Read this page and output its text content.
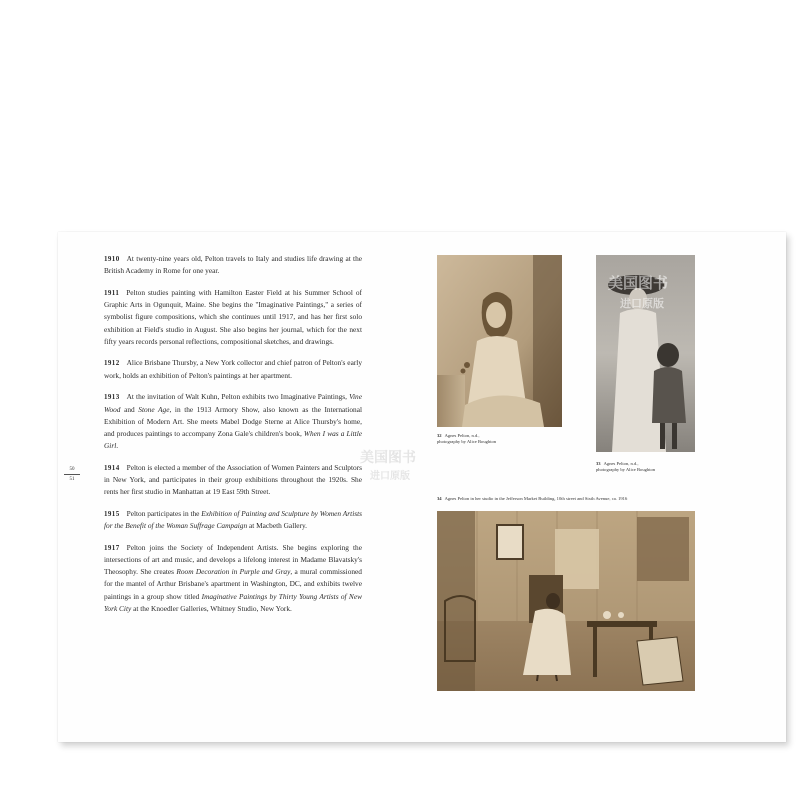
1910 At twenty-nine years old, Pelton travels to Italy and studies life drawing at the British Academy in Rome for one year.

1911 Pelton studies painting with Hamilton Easter Field at his Summer School of Graphic Arts in Ogunquit, Maine. She begins the "Imaginative Paintings," a series of symbolist figure compositions, which she continues until 1917, and has her first solo exhibition at Field's studio in August. She also begins her journal, which for the next fifty years records personal reflections, compositional sketches, and drawings.

1912 Alice Brisbane Thursby, a New York collector and chief patron of Pelton's early work, holds an exhibition of Pelton's paintings at her apartment.

1913 At the invitation of Walt Kuhn, Pelton exhibits two Imaginative Paintings, Vine Wood and Stone Age, in the 1913 Armory Show, also known as the International Exhibition of Modern Art. She meets Mabel Dodge Sterne at Alice Thursby's home, and produces paintings to accompany Zona Gale's children's book, When I was a Little Girl.

1914 Pelton is elected a member of the Association of Women Painters and Sculptors in New York, and participates in their group exhibitions throughout the 1920s. She rents her first studio in Manhattan at 19 East 59th Street.

1915 Pelton participates in the Exhibition of Painting and Sculpture by Women Artists for the Benefit of the Woman Suffrage Campaign at Macbeth Gallery.

1917 Pelton joins the Society of Independent Artists. She begins exploring the intersections of art and music, and develops a lifelong interest in Madame Blavatsky's Theosophy. She creates Room Decoration in Purple and Gray, a mural commissioned for the mantel of Arthur Brisbane's apartment in Washington, DC, and exhibits twelve paintings in a group show titled Imaginative Paintings by Thirty Young Artists of New York City at the Knoedler Galleries, Whitney Studio, New York.

50
51
32 Agnes Pelton, n.d.,
photography by Alice Boughton
33 Agnes Pelton, n.d.,
photography by Alice Boughton
34 Agnes Pelton in her studio in the Jefferson Market Building, 10th street and Sixth Avenue, ca. 1916
美国图书
进口原版
美国图书
进口原版
